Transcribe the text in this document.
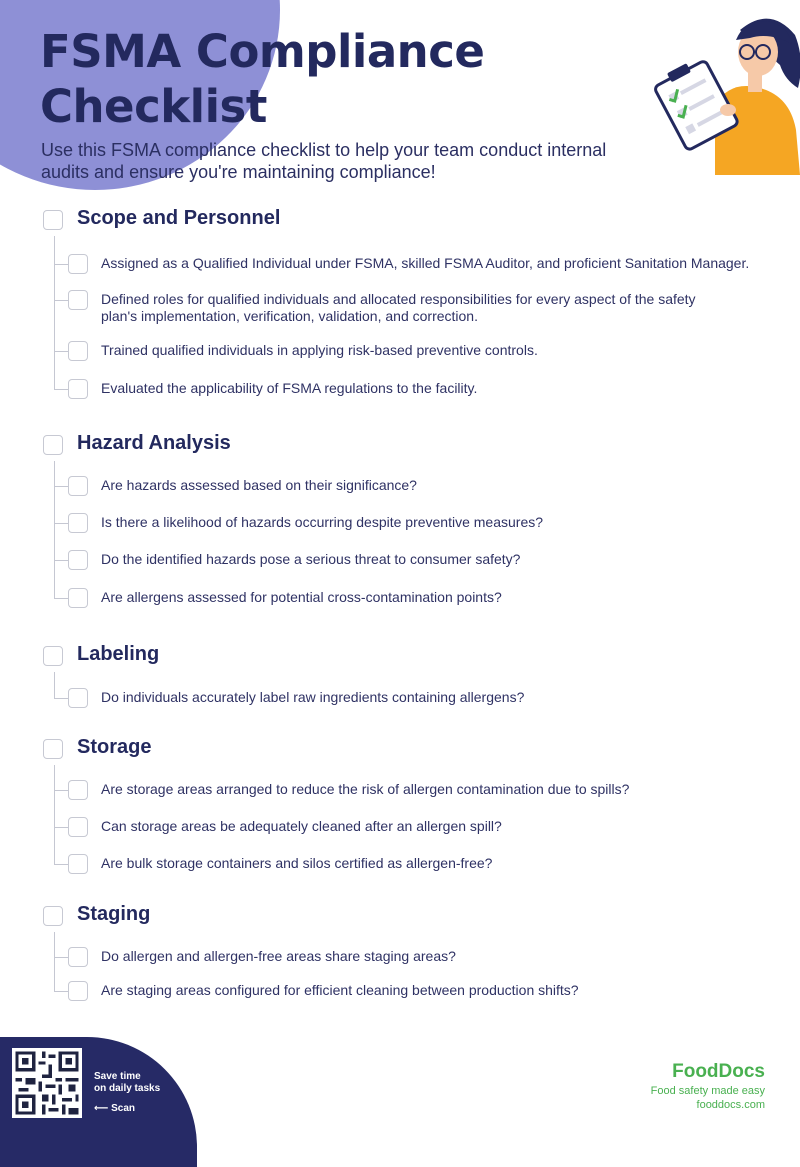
FSMA Compliance
Checklist

Use this FSMA compliance checklist to help your team conduct internal audits and ensure you're maintaining compliance!

Scope and Personnel
Assigned as a Qualified Individual under FSMA, skilled FSMA Auditor, and proficient Sanitation Manager.
Defined roles for qualified individuals and allocated responsibilities for every aspect of the safety plan's implementation, verification, validation, and correction.
Trained qualified individuals in applying risk-based preventive controls.
Evaluated the applicability of FSMA regulations to the facility.
Hazard Analysis
Are hazards assessed based on their significance?
Is there a likelihood of hazards occurring despite preventive measures?
Do the identified hazards pose a serious threat to consumer safety?
Are allergens assessed for potential cross-contamination points?
Labeling
Do individuals accurately label raw ingredients containing allergens?
Storage
Are storage areas arranged to reduce the risk of allergen contamination due to spills?
Can storage areas be adequately cleaned after an allergen spill?
Are bulk storage containers and silos certified as allergen-free?
Staging
Do allergen and allergen-free areas share staging areas?
Are staging areas configured for efficient cleaning between production shifts?
Save time
on daily tasks
⟵ Scan
FoodDocs
Food safety made easy
fooddocs.com
